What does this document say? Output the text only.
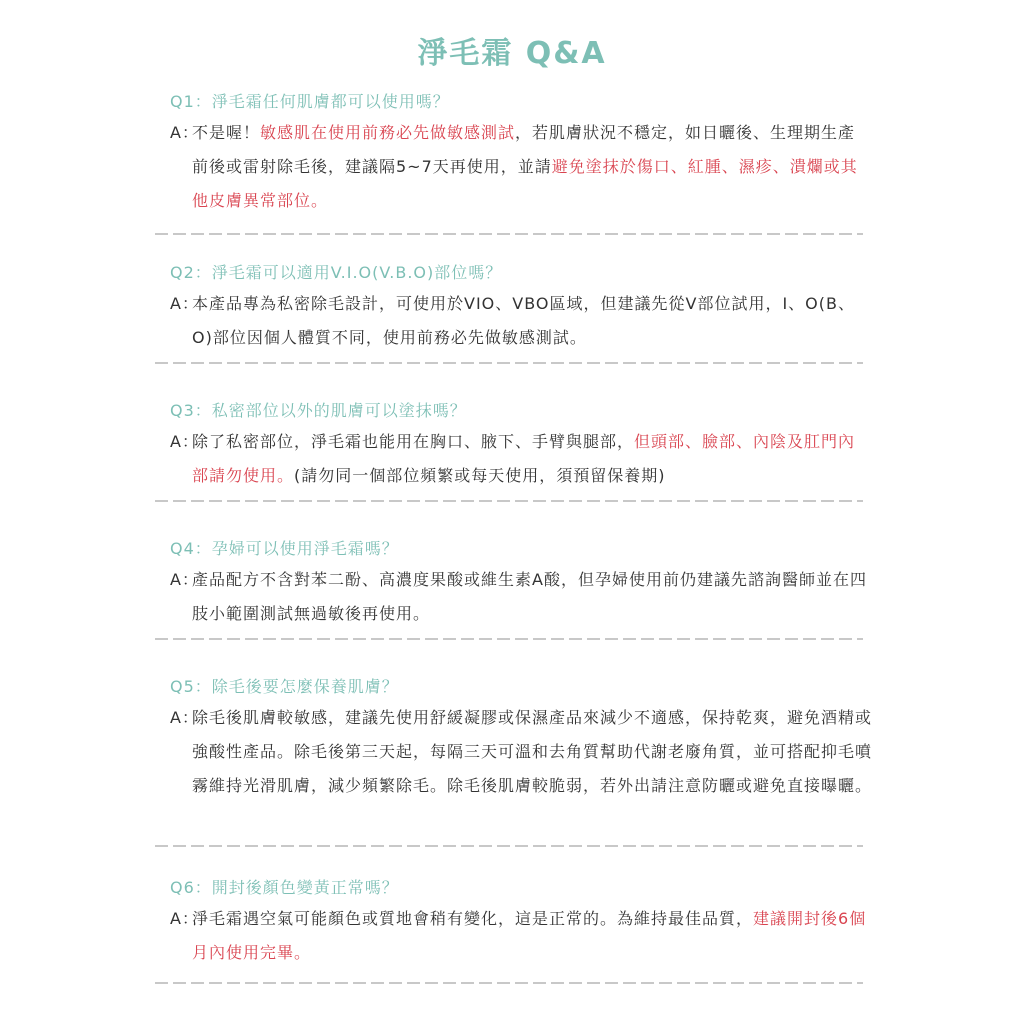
淨毛霜 Q&A

Q1：淨毛霜任何肌膚都可以使用嗎？

A：不是喔！敏感肌在使用前務必先做敏感測試，若肌膚狀況不穩定，如日曬後、生理期生產前後或雷射除毛後，建議隔5~7天再使用，並請避免塗抹於傷口、紅腫、濕疹、潰爛或其他皮膚異常部位。

Q2：淨毛霜可以適用V.I.O(V.B.O)部位嗎？

A：本產品專為私密除毛設計，可使用於VIO、VBO區域，但建議先從V部位試用，I、O(B、O)部位因個人體質不同，使用前務必先做敏感測試。

Q3：私密部位以外的肌膚可以塗抹嗎？

A：除了私密部位，淨毛霜也能用在胸口、腋下、手臂與腿部，但頭部、臉部、內陰及肛門內部請勿使用。(請勿同一個部位頻繁或每天使用，須預留保養期)

Q4：孕婦可以使用淨毛霜嗎？

A：產品配方不含對苯二酚、高濃度果酸或維生素A酸，但孕婦使用前仍建議先諮詢醫師並在四肢小範圍測試無過敏後再使用。

Q5：除毛後要怎麼保養肌膚？

A：除毛後肌膚較敏感，建議先使用舒緩凝膠或保濕產品來減少不適感，保持乾爽，避免酒精或強酸性產品。除毛後第三天起，每隔三天可溫和去角質幫助代謝老廢角質，並可搭配抑毛噴霧維持光滑肌膚，減少頻繁除毛。除毛後肌膚較脆弱，若外出請注意防曬或避免直接曝曬。

Q6：開封後顏色變黃正常嗎？

A：淨毛霜遇空氣可能顏色或質地會稍有變化，這是正常的。為維持最佳品質，建議開封後6個月內使用完畢。
